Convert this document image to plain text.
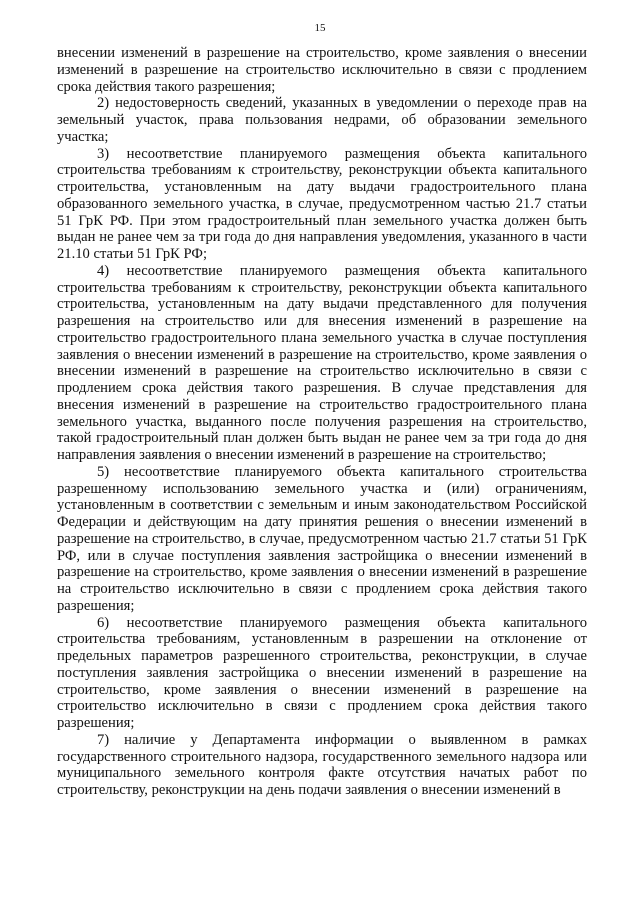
15

внесении изменений в разрешение на строительство, кроме заявления о внесении изменений в разрешение на строительство исключительно в связи с продлением срока действия такого разрешения;

2) недостоверность сведений, указанных в уведомлении о переходе прав на земельный участок, права пользования недрами, об образовании земельного участка;

3) несоответствие планируемого размещения объекта капитального строительства требованиям к строительству, реконструкции объекта капитального строительства, установленным на дату выдачи градостроительного плана образованного земельного участка, в случае, предусмотренном частью 21.7 статьи 51 ГрК РФ. При этом градостроительный план земельного участка должен быть выдан не ранее чем за три года до дня направления уведомления, указанного в части 21.10 статьи 51 ГрК РФ;

4) несоответствие планируемого размещения объекта капитального строительства требованиям к строительству, реконструкции объекта капитального строительства, установленным на дату выдачи представленного для получения разрешения на строительство или для внесения изменений в разрешение на строительство градостроительного плана земельного участка в случае поступления заявления о внесении изменений в разрешение на строительство, кроме заявления о внесении изменений в разрешение на строительство исключительно в связи с продлением срока действия такого разрешения. В случае представления для внесения изменений в разрешение на строительство градостроительного плана земельного участка, выданного после получения разрешения на строительство, такой градостроительный план должен быть выдан не ранее чем за три года до дня направления заявления о внесении изменений в разрешение на строительство;

5) несоответствие планируемого объекта капитального строительства разрешенному использованию земельного участка и (или) ограничениям, установленным в соответствии с земельным и иным законодательством Российской Федерации и действующим на дату принятия решения о внесении изменений в разрешение на строительство, в случае, предусмотренном частью 21.7 статьи 51 ГрК РФ, или в случае поступления заявления застройщика о внесении изменений в разрешение на строительство, кроме заявления о внесении изменений в разрешение на строительство исключительно в связи с продлением срока действия такого разрешения;

6) несоответствие планируемого размещения объекта капитального строительства требованиям, установленным в разрешении на отклонение от предельных параметров разрешенного строительства, реконструкции, в случае поступления заявления застройщика о внесении изменений в разрешение на строительство, кроме заявления о внесении изменений в разрешение на строительство исключительно в связи с продлением срока действия такого разрешения;

7) наличие у Департамента информации о выявленном в рамках государственного строительного надзора, государственного земельного надзора или муниципального земельного контроля факте отсутствия начатых работ по строительству, реконструкции на день подачи заявления о внесении изменений в
